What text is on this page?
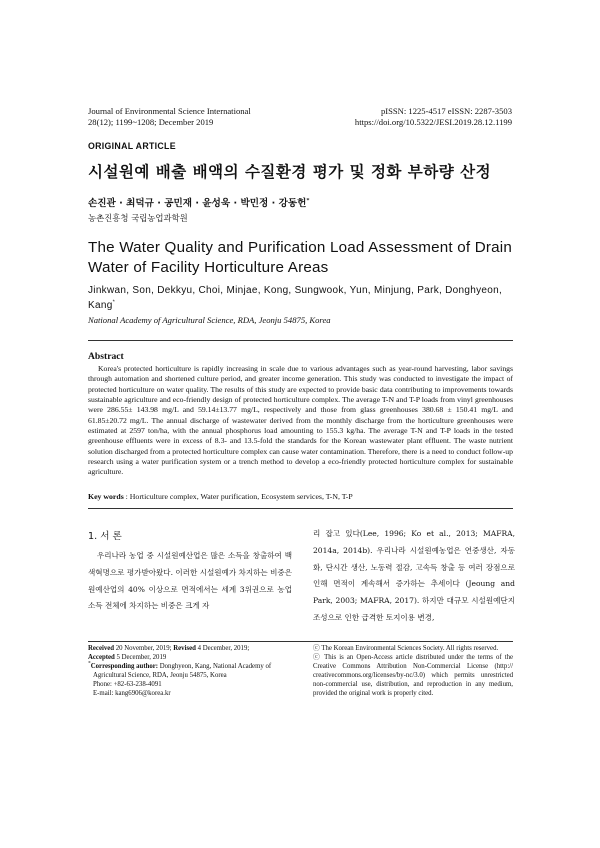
Journal of Environmental Science International
28(12); 1199~1208; December 2019
pISSN: 1225-4517 eISSN: 2287-3503
https://doi.org/10.5322/JESI.2019.28.12.1199
ORIGINAL ARTICLE
시설원예 배출 배액의 수질환경 평가 및 정화 부하량 산정
손진관 · 최덕규 · 공민재 · 윤성욱 · 박민정 · 강동헌*
농촌진흥청 국립농업과학원
The Water Quality and Purification Load Assessment of Drain Water of Facility Horticulture Areas
Jinkwan, Son, Dekkyu, Choi, Minjae, Kong, Sungwook, Yun, Minjung, Park, Donghyeon, Kang*
National Academy of Agricultural Science, RDA, Jeonju 54875, Korea
Abstract

Korea's protected horticulture is rapidly increasing in scale due to various advantages such as year-round harvesting, labor savings through automation and shortened culture period, and greater income generation. This study was conducted to investigate the impact of protected horticulture on water quality. The results of this study are expected to provide basic data contributing to improvements towards sustainable agriculture and eco-friendly design of protected horticulture complex. The average T-N and T-P loads from vinyl greenhouses were 286.55± 143.98 mg/L and 59.14±13.77 mg/L, respectively and those from glass greenhouses 380.68 ± 150.41 mg/L and 61.85±20.72 mg/L. The annual discharge of wastewater derived from the monthly discharge from the horticulture greenhouses were estimated at 2597 ton/ha, with the annual phosphorus load amounting to 155.3 kg/ha. The average T-N and T-P loads in the tested greenhouse effluents were in excess of 8.3- and 13.5-fold the standards for the Korean wastewater plant effluent. The waste nutrient solution discharged from a protected horticulture complex can cause water contamination. Therefore, there is a need to conduct follow-up research using a water purification system or a trench method to develop a eco-friendly protected horticulture complex for sustainable agriculture.

Key words : Horticulture complex, Water purification, Ecosystem services, T-N, T-P
1. 서 론

우리나라 농업 중 시설원예산업은 많은 소득을 창출하여 백색혁명으로 평가받아왔다. 이러한 시설원예가 차지하는 비중은 원예산업의 40% 이상으로 면적에서는 세계 3위권으로 농업 소득 전체에 차지하는 비중은 크게 자

리 잡고 있다(Lee, 1996; Ko et al., 2013; MAFRA, 2014a, 2014b). 우리나라 시설원예농업은 연중생산, 자동화, 단시간 생산, 노동력 절감, 고속득 창출 등 여러 장점으로 인해 면적이 계속해서 증가하는 추세이다 (Jeoung and Park, 2003; MAFRA, 2017). 하지만 대규모 시설원예단지 조성으로 인한 급격한 토지이용 변경,

Received 20 November, 2019; Revised 4 December, 2019;

Accepted 5 December, 2019

*Corresponding author: Donghyeon, Kang, National Academy of

Agricultural Science, RDA, Jeonju 54875, Korea

Phone: +82-63-238-4091

E-mail: kang6906@korea.kr

ⓒ The Korean Environmental Sciences Society. All rights reserved.

ⓒ This is an Open-Access article distributed under the terms of the Creative Commons Attribution Non-Commercial License (http:// creativecommons.org/licenses/by-nc/3.0) which permits unrestricted non-commercial use, distribution, and reproduction in any medium, provided the original work is properly cited.
